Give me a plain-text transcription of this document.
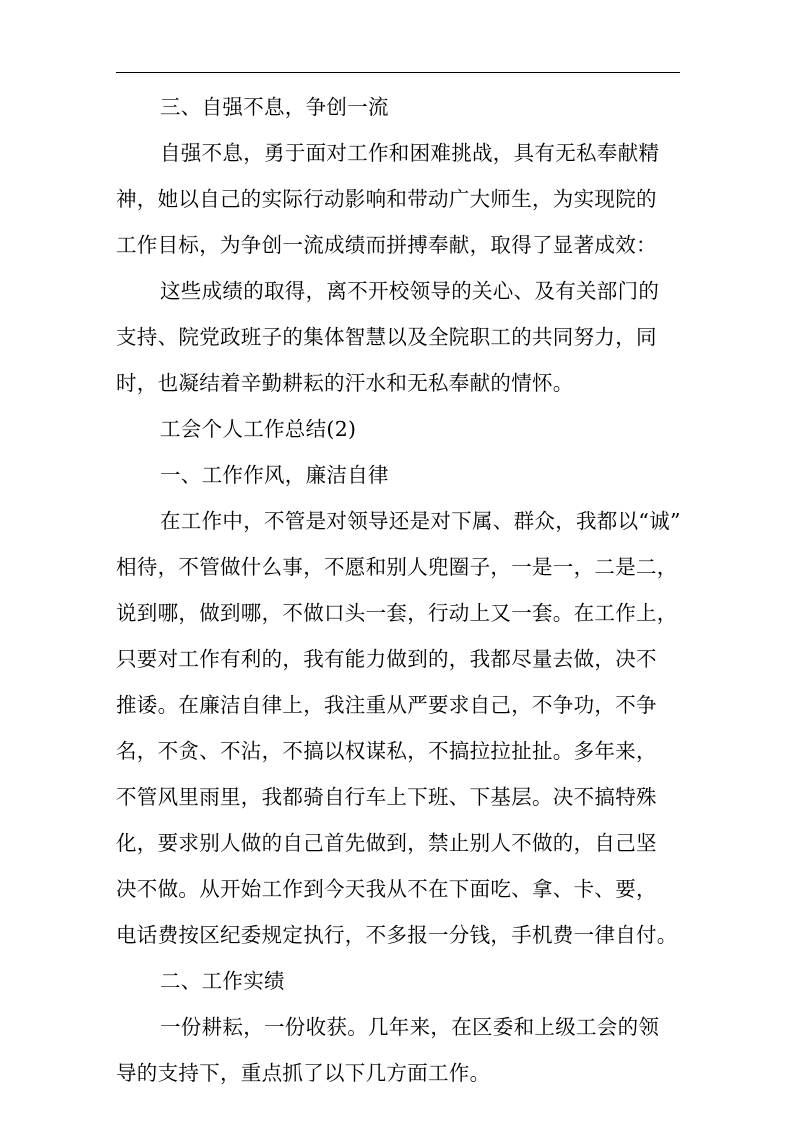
三、自强不息，争创一流
自强不息，勇于面对工作和困难挑战，具有无私奉献精
神，她以自己的实际行动影响和带动广大师生，为实现院的
工作目标，为争创一流成绩而拼搏奉献，取得了显著成效：
这些成绩的取得，离不开校领导的关心、及有关部门的
支持、院党政班子的集体智慧以及全院职工的共同努力，同
时，也凝结着辛勤耕耘的汗水和无私奉献的情怀。
工会个人工作总结(2)
一、工作作风，廉洁自律
在工作中，不管是对领导还是对下属、群众，我都以“诚”
相待，不管做什么事，不愿和别人兜圈子，一是一，二是二，
说到哪，做到哪，不做口头一套，行动上又一套。在工作上，
只要对工作有利的，我有能力做到的，我都尽量去做，决不
推诿。在廉洁自律上，我注重从严要求自己，不争功，不争
名，不贪、不沾，不搞以权谋私，不搞拉拉扯扯。多年来，
不管风里雨里，我都骑自行车上下班、下基层。决不搞特殊
化，要求别人做的自己首先做到，禁止别人不做的，自己坚
决不做。从开始工作到今天我从不在下面吃、拿、卡、要，
电话费按区纪委规定执行，不多报一分钱，手机费一律自付。
二、工作实绩
一份耕耘，一份收获。几年来，在区委和上级工会的领
导的支持下，重点抓了以下几方面工作。
